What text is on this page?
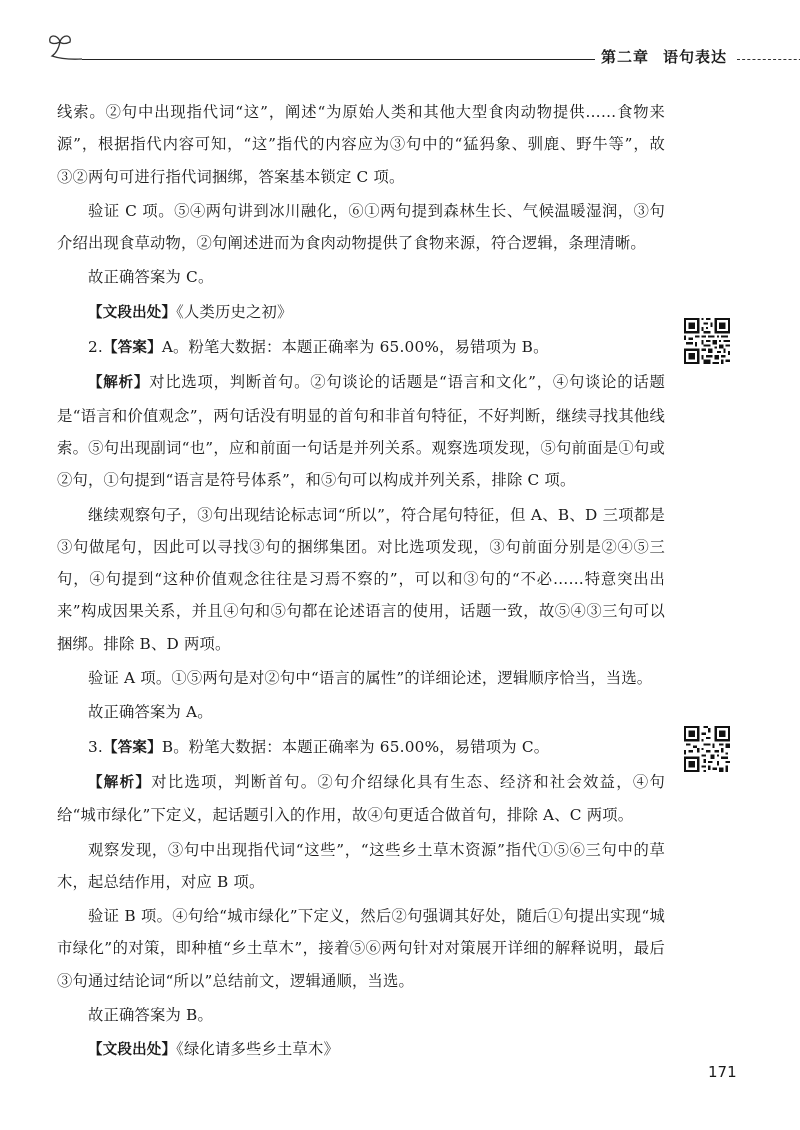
第二章 语句表达

线索。②句中出现指代词“这”，阐述“为原始人类和其他大型食肉动物提供……食物来源”，根据指代内容可知，“这”指代的内容应为③句中的“猛犸象、驯鹿、野牛等”，故③②两句可进行指代词捆绑，答案基本锁定 C 项。

验证 C 项。⑤④两句讲到冰川融化，⑥①两句提到森林生长、气候温暖湿润，③句介绍出现食草动物，②句阐述进而为食肉动物提供了食物来源，符合逻辑，条理清晰。

故正确答案为 C。

【文段出处】《人类历史之初》

2.【答案】A。粉笔大数据：本题正确率为 65.00%，易错项为 B。

【解析】对比选项，判断首句。②句谈论的话题是“语言和文化”，④句谈论的话题是“语言和价值观念”，两句话没有明显的首句和非首句特征，不好判断，继续寻找其他线索。⑤句出现副词“也”，应和前面一句话是并列关系。观察选项发现，⑤句前面是①句或②句，①句提到“语言是符号体系”，和⑤句可以构成并列关系，排除 C 项。

继续观察句子，③句出现结论标志词“所以”，符合尾句特征，但 A、B、D 三项都是③句做尾句，因此可以寻找③句的捆绑集团。对比选项发现，③句前面分别是②④⑤三句，④句提到“这种价值观念往往是习焉不察的”，可以和③句的“不必……特意突出出来”构成因果关系，并且④句和⑤句都在论述语言的使用，话题一致，故⑤④③三句可以捆绑。排除 B、D 两项。

验证 A 项。①⑤两句是对②句中“语言的属性”的详细论述，逻辑顺序恰当，当选。

故正确答案为 A。

3.【答案】B。粉笔大数据：本题正确率为 65.00%，易错项为 C。

【解析】对比选项，判断首句。②句介绍绿化具有生态、经济和社会效益，④句给“城市绿化”下定义，起话题引入的作用，故④句更适合做首句，排除 A、C 两项。

观察发现，③句中出现指代词“这些”，“这些乡土草木资源”指代①⑤⑥三句中的草木，起总结作用，对应 B 项。

验证 B 项。④句给“城市绿化”下定义，然后②句强调其好处，随后①句提出实现“城市绿化”的对策，即种植“乡土草木”，接着⑤⑥两句针对对策展开详细的解释说明，最后③句通过结论词“所以”总结前文，逻辑通顺，当选。

故正确答案为 B。

【文段出处】《绿化请多些乡土草木》

171
